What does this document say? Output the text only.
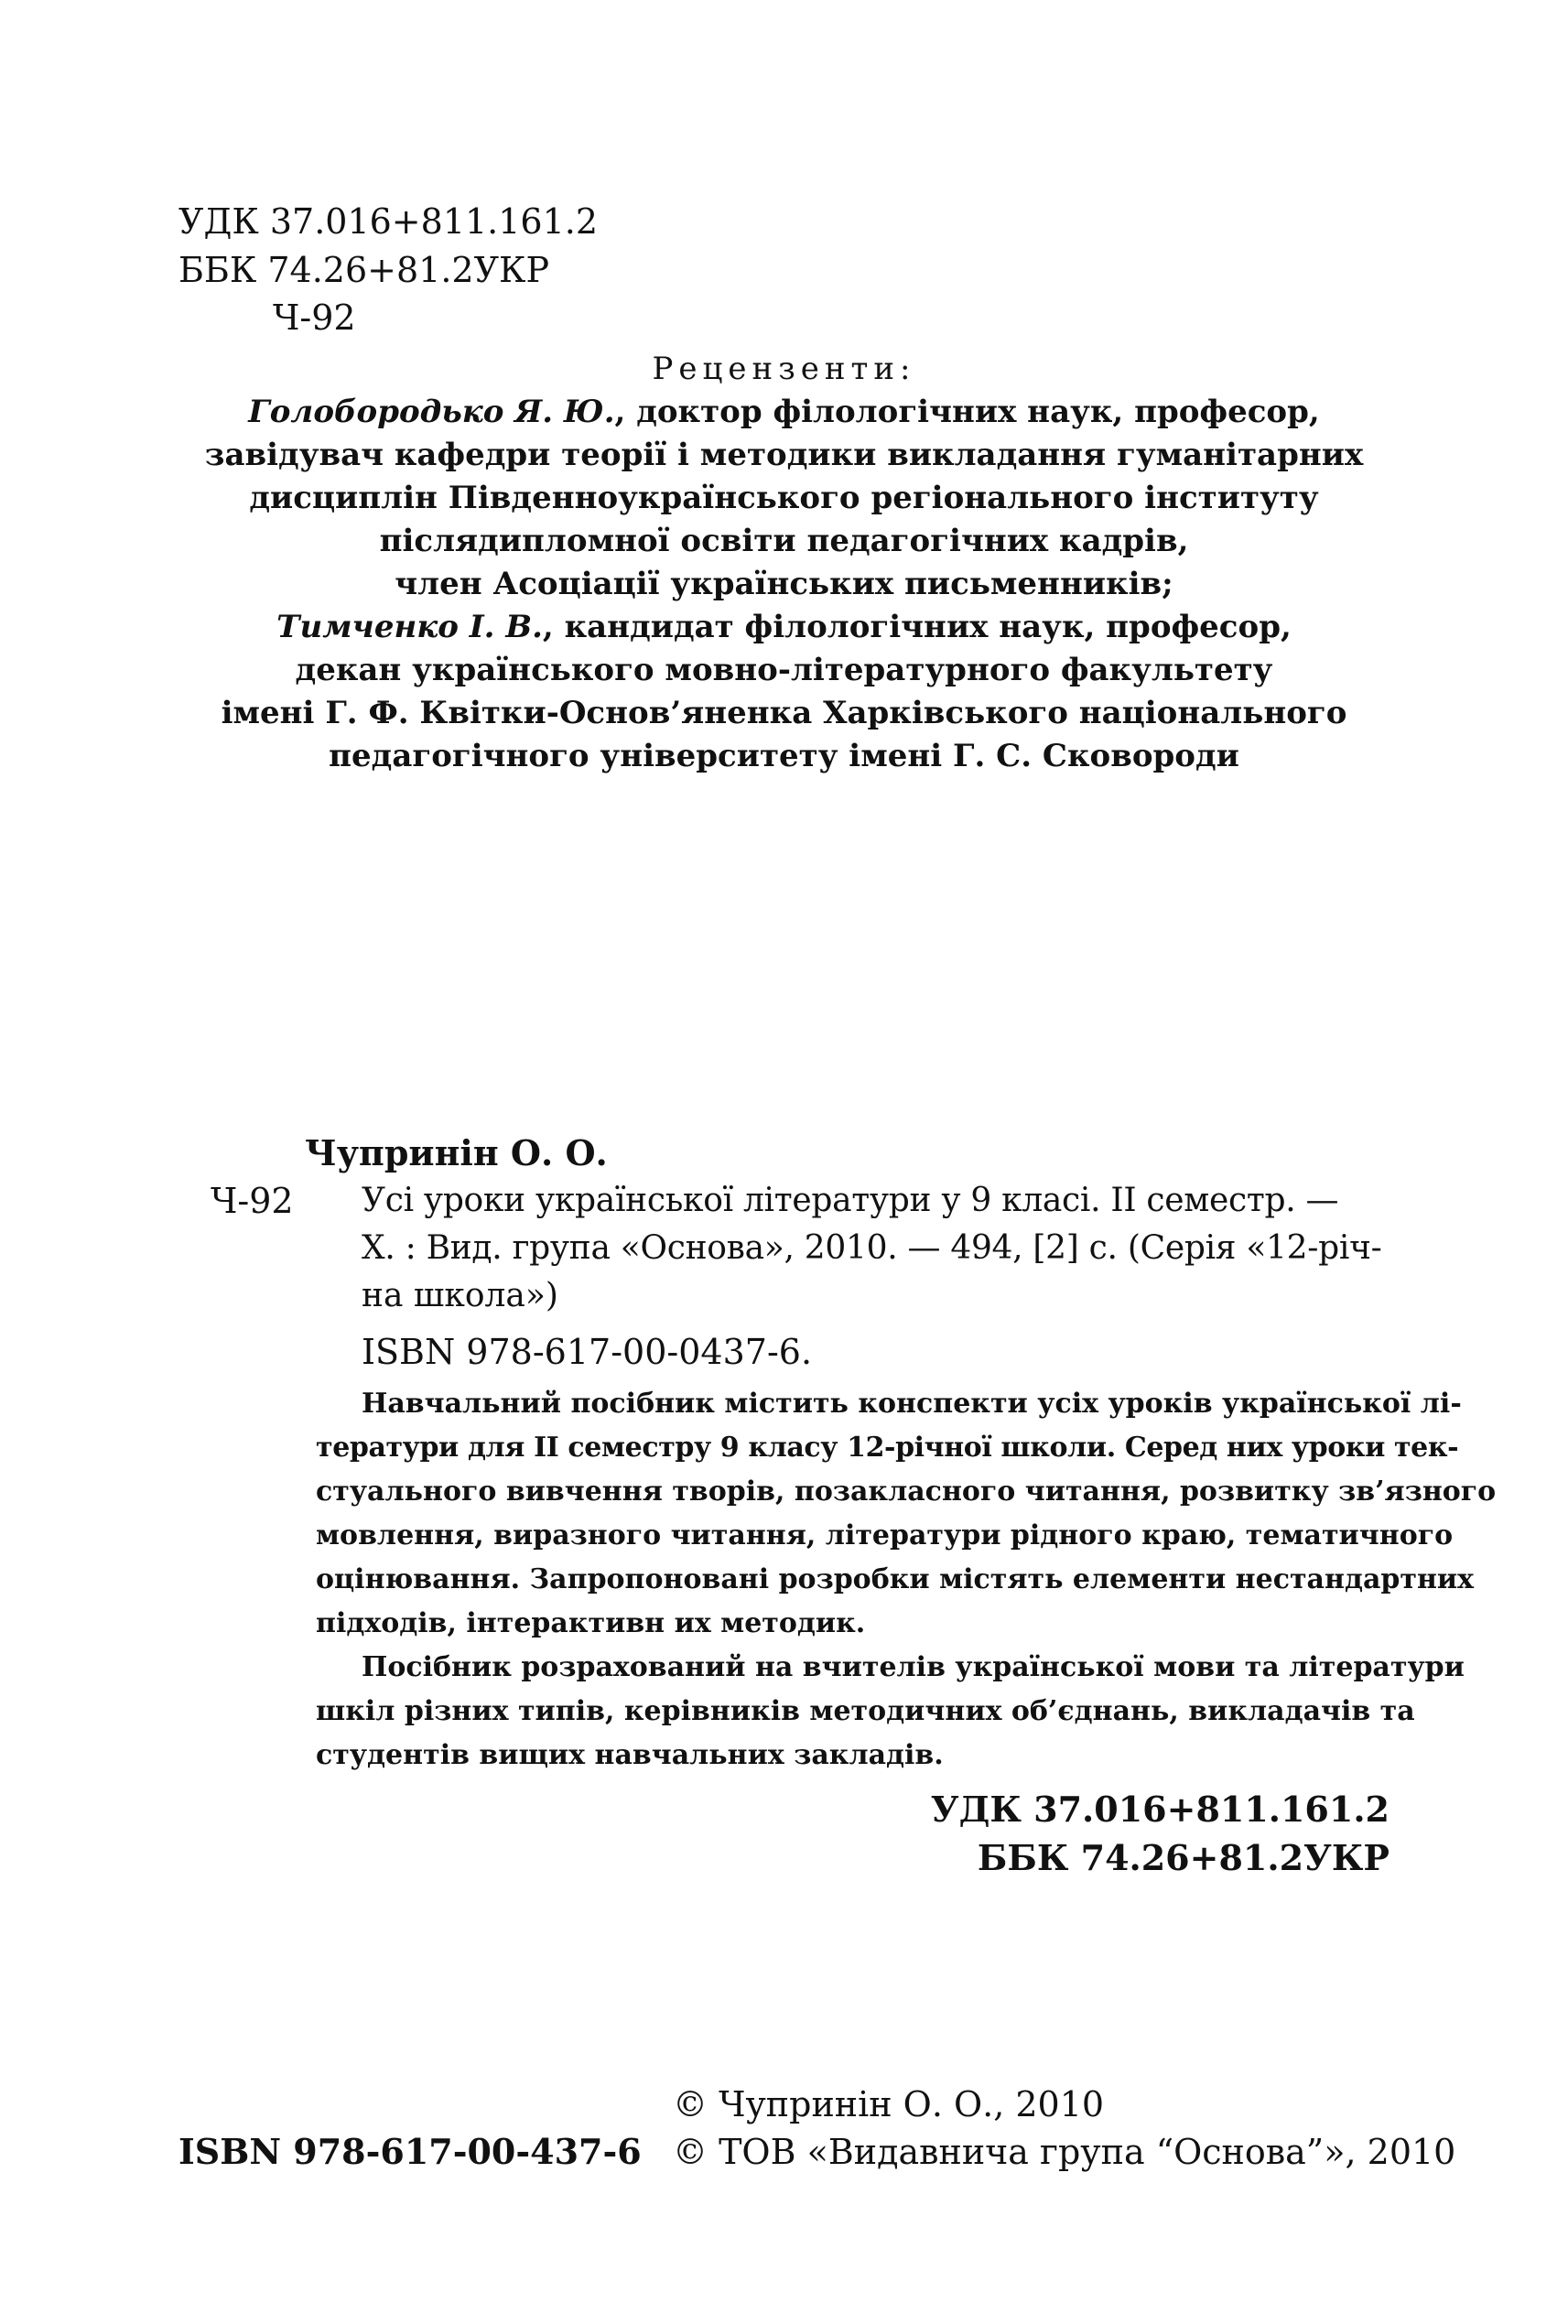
УДК 37.016+811.161.2
ББК 74.26+81.2УКР
Ч-92
Рецензенти:
Голобородько Я. Ю., доктор філологічних наук, професор,
завідувач кафедри теорії і методики викладання гуманітарних
дисциплін Південноукраїнського регіонального інституту
післядипломної освіти педагогічних кадрів,
член Асоціації українських письменників;
Тимченко І. В., кандидат філологічних наук, професор,
декан українського мовно-літературного факультету
імені Г. Ф. Квітки-Основ’яненка Харківського національного
педагогічного університету імені Г. С. Сковороди
Чупринін О. О.
Ч-92 Усі уроки української літератури у 9 класі. ІІ семестр. —
Х. : Вид. група «Основа», 2010. — 494, [2] с. (Серія «12-річ-
на школа»)
ISBN 978-617-00-0437-6.
Навчальний посібник містить конспекти усіх уроків української лі-
тератури для ІІ семестру 9 класу 12-річної школи. Серед них уроки тек-
стуального вивчення творів, позакласного читання, розвитку зв’язного
мовлення, виразного читання, літератури рідного краю, тематичного
оцінювання. Запропоновані розробки містять елементи нестандартних
підходів, інтерактивн их методик.
Посібник розрахований на вчителів української мови та літератури
шкіл різних типів, керівників методичних об’єднань, викладачів та
студентів вищих навчальних закладів.
УДК 37.016+811.161.2
ББК 74.26+81.2УКР
ISBN 978-617-00-437-6
© Чупринін О. О., 2010
© ТОВ «Видавнича група “Основа”», 2010
